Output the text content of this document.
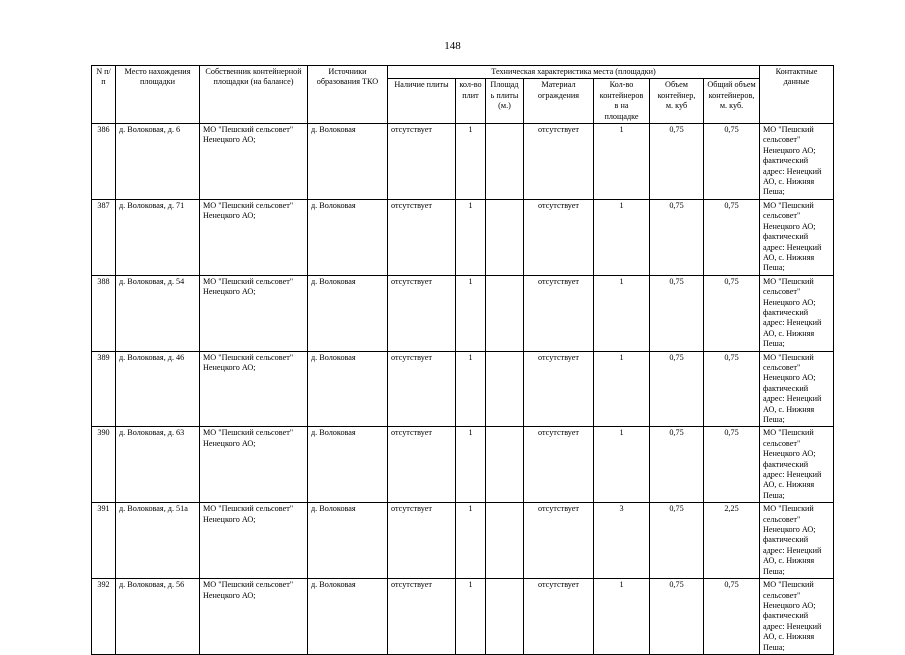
148
N п/п	Место нахождения площадки	Собственник контейнерной площадки (на балансе)	Источники образования ТКО	Техническая характеристика места (площадки)							Контактные данные
				Наличие плиты	кол-во плит	Площадь плиты (м.)	Материал ограждения	Кол-во контейнеров в на площадке	Объем контейнер, м. куб	Общий объем контейнеров, м. куб.	
386	д. Волоковая, д. 6	МО "Пешский сельсовет" Ненецкого АО;	д. Волоковая	отсутствует	1		отсутствует	1	0,75	0,75	МО "Пешский сельсовет" Ненецкого АО; фактический адрес: Ненецкий АО, с. Нижняя Пеша;
387	д. Волоковая, д. 71	МО "Пешский сельсовет" Ненецкого АО;	д. Волоковая	отсутствует	1		отсутствует	1	0,75	0,75	МО "Пешский сельсовет" Ненецкого АО; фактический адрес: Ненецкий АО, с. Нижняя Пеша;
388	д. Волоковая, д. 54	МО "Пешский сельсовет" Ненецкого АО;	д. Волоковая	отсутствует	1		отсутствует	1	0,75	0,75	МО "Пешский сельсовет" Ненецкого АО; фактический адрес: Ненецкий АО, с. Нижняя Пеша;
389	д. Волоковая, д. 46	МО "Пешский сельсовет" Ненецкого АО;	д. Волоковая	отсутствует	1		отсутствует	1	0,75	0,75	МО "Пешский сельсовет" Ненецкого АО; фактический адрес: Ненецкий АО, с. Нижняя Пеша;
390	д. Волоковая, д. 63	МО "Пешский сельсовет" Ненецкого АО;	д. Волоковая	отсутствует	1		отсутствует	1	0,75	0,75	МО "Пешский сельсовет" Ненецкого АО; фактический адрес: Ненецкий АО, с. Нижняя Пеша;
391	д. Волоковая, д. 51а	МО "Пешский сельсовет" Ненецкого АО;	д. Волоковая	отсутствует	1		отсутствует	3	0,75	2,25	МО "Пешский сельсовет" Ненецкого АО; фактический адрес: Ненецкий АО, с. Нижняя Пеша;
392	д. Волоковая, д. 56	МО "Пешский сельсовет" Ненецкого АО;	д. Волоковая	отсутствует	1		отсутствует	1	0,75	0,75	МО "Пешский сельсовет" Ненецкого АО; фактический адрес: Ненецкий АО, с. Нижняя Пеша;
